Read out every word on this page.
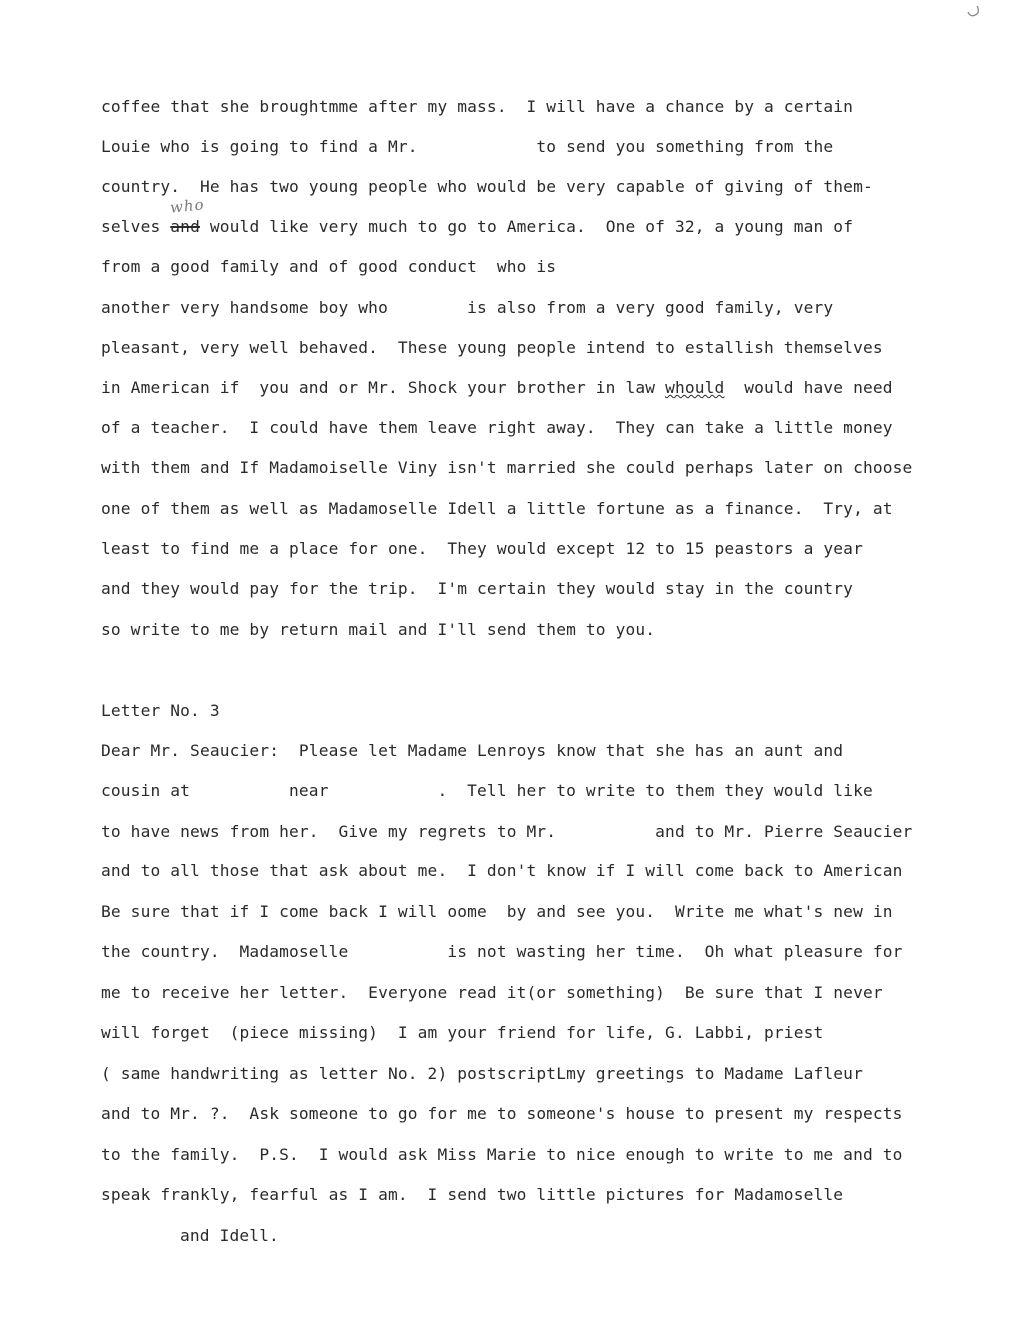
coffee that she broughtmme after my mass.  I will have a chance by a certain
Louie who is going to find a Mr.            to send you something from the
country.  He has two young people who would be very capable of giving of them-
who
selves and would like very much to go to America.  One of 32, a young man of
from a good family and of good conduct  who is
another very handsome boy who        is also from a very good family, very
pleasant, very well behaved.  These young people intend to estallish themselves
in American if  you and or Mr. Shock your brother in law whould  would have need
of a teacher.  I could have them leave right away.  They can take a little money
with them and If Madamoiselle Viny isn't married she could perhaps later on choose
one of them as well as Madamoselle Idell a little fortune as a finance.  Try, at
least to find me a place for one.  They would except 12 to 15 peastors a year
and they would pay for the trip.  I'm certain they would stay in the country
so write to me by return mail and I'll send them to you.
Letter No. 3
Dear Mr. Seaucier:  Please let Madame Lenroys know that she has an aunt and
cousin at          near           .  Tell her to write to them they would like
to have news from her.  Give my regrets to Mr.          and to Mr. Pierre Seaucier
and to all those that ask about me.  I don't know if I will come back to American
Be sure that if I come back I will oome  by and see you.  Write me what's new in
the country.  Madamoselle          is not wasting her time.  Oh what pleasure for
me to receive her letter.  Everyone read it(or something)  Be sure that I never
will forget  (piece missing)  I am your friend for life, G. Labbi, priest
( same handwriting as letter No. 2) postscriptLmy greetings to Madame Lafleur
and to Mr. ?.  Ask someone to go for me to someone's house to present my respects
to the family.  P.S.  I would ask Miss Marie to nice enough to write to me and to
speak frankly, fearful as I am.  I send two little pictures for Madamoselle
and Idell.
